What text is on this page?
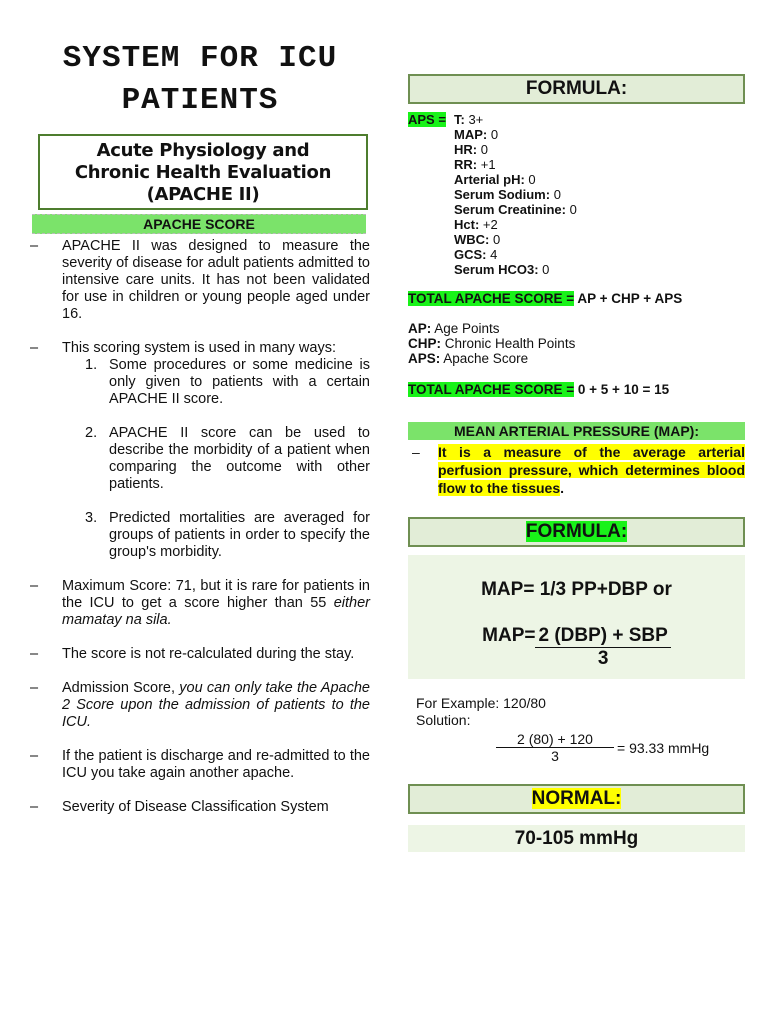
SYSTEM FOR ICU
PATIENTS
Acute Physiology and
Chronic Health Evaluation
(APACHE II)
APACHE SCORE
– APACHE II was designed to measure the severity of disease for adult patients admitted to intensive care units. It has not been validated for use in children or young people aged under 16.
– This scoring system is used in many ways:
1. Some procedures or some medicine is only given to patients with a certain APACHE II score.
2. APACHE II score can be used to describe the morbidity of a patient when comparing the outcome with other patients.
3. Predicted mortalities are averaged for groups of patients in order to specify the group's morbidity.
– Maximum Score: 71, but it is rare for patients in the ICU to get a score higher than 55 either mamatay na sila.
– The score is not re-calculated during the stay.
– Admission Score, you can only take the Apache 2 Score upon the admission of patients to the ICU.
– If the patient is discharge and re-admitted to the ICU you take again another apache.
– Severity of Disease Classification System
FORMULA:
APS = T: 3+
MAP: 0
HR: 0
RR: +1
Arterial pH: 0
Serum Sodium: 0
Serum Creatinine: 0
Hct: +2
WBC: 0
GCS: 4
Serum HCO3: 0
TOTAL APACHE SCORE = AP + CHP + APS
AP: Age Points
CHP: Chronic Health Points
APS: Apache Score
TOTAL APACHE SCORE = 0 + 5 + 10 = 15
MEAN ARTERIAL PRESSURE (MAP):
– It is a measure of the average arterial perfusion pressure, which determines blood flow to the tissues.
FORMULA:
MAP= 1/3 PP+DBP or
MAP= 2 (DBP) + SBP
3
For Example: 120/80
Solution:
$\frac{2 (80) + 120}{3} = 93.33$ mmHg
NORMAL:
70-105 mmHg
